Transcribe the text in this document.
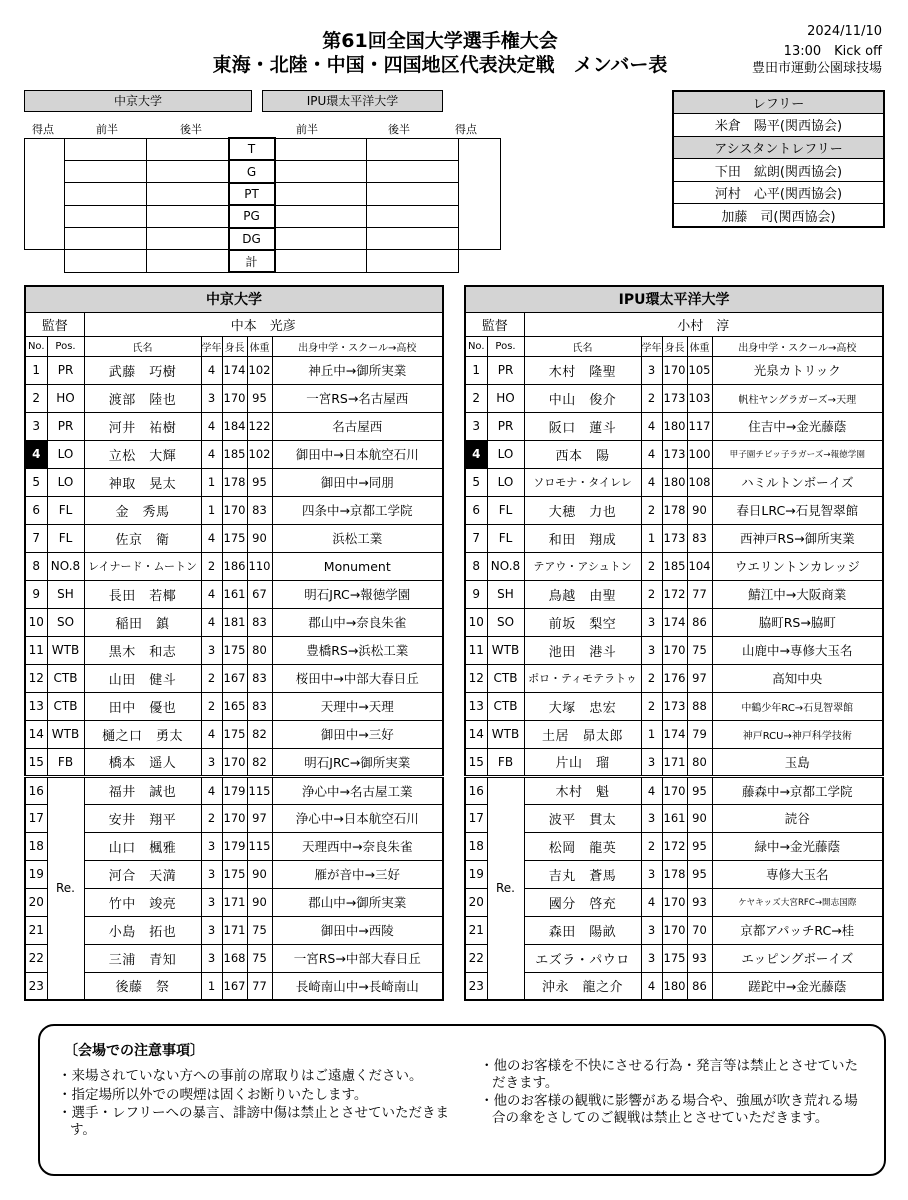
第61回全国大学選手権大会
東海・北陸・中国・四国地区代表決定戦　メンバー表
2024/11/10
13:00　Kick off
豊田市運動公園球技場
中京大学	IPU環太平洋大学
得点	前半	後半	前半	後半	得点
			T			
			G			
			PT			
			PG			
			DG			
			計			
レフリー
米倉　陽平(関西協会)
アシスタントレフリー
下田　絋朗(関西協会)
河村　心平(関西協会)
加藤　司(関西協会)
中京大学						
監督		中本　光彦				
No.	Pos.	氏名	学年	身長	体重	出身中学・スクール→高校
1	PR	武藤　巧樹	4	174	102	神丘中→御所実業
2	HO	渡部　陸也	3	170	95	一宮RS→名古屋西
3	PR	河井　祐樹	4	184	122	名古屋西
4	LO	立松　大輝	4	185	102	御田中→日本航空石川
5	LO	神取　晃太	1	178	95	御田中→同朋
6	FL	金　秀馬	1	170	83	四条中→京都工学院
7	FL	佐京　衛	4	175	90	浜松工業
8	NO.8	レイナード・ムートン	2	186	110	Monument
9	SH	長田　若椰	4	161	67	明石JRC→報徳学園
10	SO	稲田　鎮	4	181	83	郡山中→奈良朱雀
11	WTB	黒木　和志	3	175	80	豊橋RS→浜松工業
12	CTB	山田　健斗	2	167	83	桜田中→中部大春日丘
13	CTB	田中　優也	2	165	83	天理中→天理
14	WTB	樋之口　勇太	4	175	82	御田中→三好
15	FB	橋本　遥人	3	170	82	明石JRC→御所実業
16	Re.	福井　誠也	4	179	115	浄心中→名古屋工業
17		安井　翔平	2	170	97	浄心中→日本航空石川
18		山口　楓雅	3	179	115	天理西中→奈良朱雀
19		河合　天満	3	175	90	雁が音中→三好
20		竹中　竣亮	3	171	90	郡山中→御所実業
21		小島　拓也	3	171	75	御田中→西陵
22		三浦　青知	3	168	75	一宮RS→中部大春日丘
23		後藤　祭	1	167	77	長崎南山中→長崎南山
IPU環太平洋大学						
監督		小村　淳				
No.	Pos.	氏名	学年	身長	体重	出身中学・スクール→高校
1	PR	木村　隆聖	3	170	105	光泉カトリック
2	HO	中山　俊介	2	173	103	帆柱ヤングラガーズ→天理
3	PR	阪口　蓮斗	4	180	117	住吉中→金光藤蔭
4	LO	西本　陽	4	173	100	甲子園チビッ子ラガーズ→報徳学園
5	LO	ソロモナ・タイレレ	4	180	108	ハミルトンボーイズ
6	FL	大穂　力也	2	178	90	春日LRC→石見智翠館
7	FL	和田　翔成	1	173	83	西神戸RS→御所実業
8	NO.8	テアウ・アシュトン	2	185	104	ウエリントンカレッジ
9	SH	鳥越　由聖	2	172	77	鯖江中→大阪商業
10	SO	前坂　梨空	3	174	86	脇町RS→脇町
11	WTB	池田　港斗	3	170	75	山鹿中→専修大玉名
12	CTB	ポロ・ティモテラトゥ	2	176	97	高知中央
13	CTB	大塚　忠宏	2	173	88	中鶴少年RC→石見智翠館
14	WTB	土居　昴太郎	1	174	79	神戸RCU→神戸科学技術
15	FB	片山　瑠	3	171	80	玉島
16	Re.	木村　魁	4	170	95	藤森中→京都工学院
17		波平　貫太	3	161	90	読谷
18		松岡　龍英	2	172	95	緑中→金光藤蔭
19		吉丸　蒼馬	3	178	95	専修大玉名
20		國分　啓充	4	170	93	ケヤキッズ大宮RFC→開志国際
21		森田　陽畝	3	170	70	京都アパッチRC→桂
22		エズラ・パウロ	3	175	93	エッピングボーイズ
23		沖永　龍之介	4	180	86	蹉跎中→金光藤蔭
〔会場での注意事項〕
・来場されていない方への事前の席取りはご遠慮ください。
・指定場所以外での喫煙は固くお断りいたします。
・選手・レフリーへの暴言、誹謗中傷は禁止とさせていただきます。
・他のお客様を不快にさせる行為・発言等は禁止とさせていただきます。
・他のお客様の観戦に影響がある場合や、強風が吹き荒れる場合の傘をさしてのご観戦は禁止とさせていただきます。
